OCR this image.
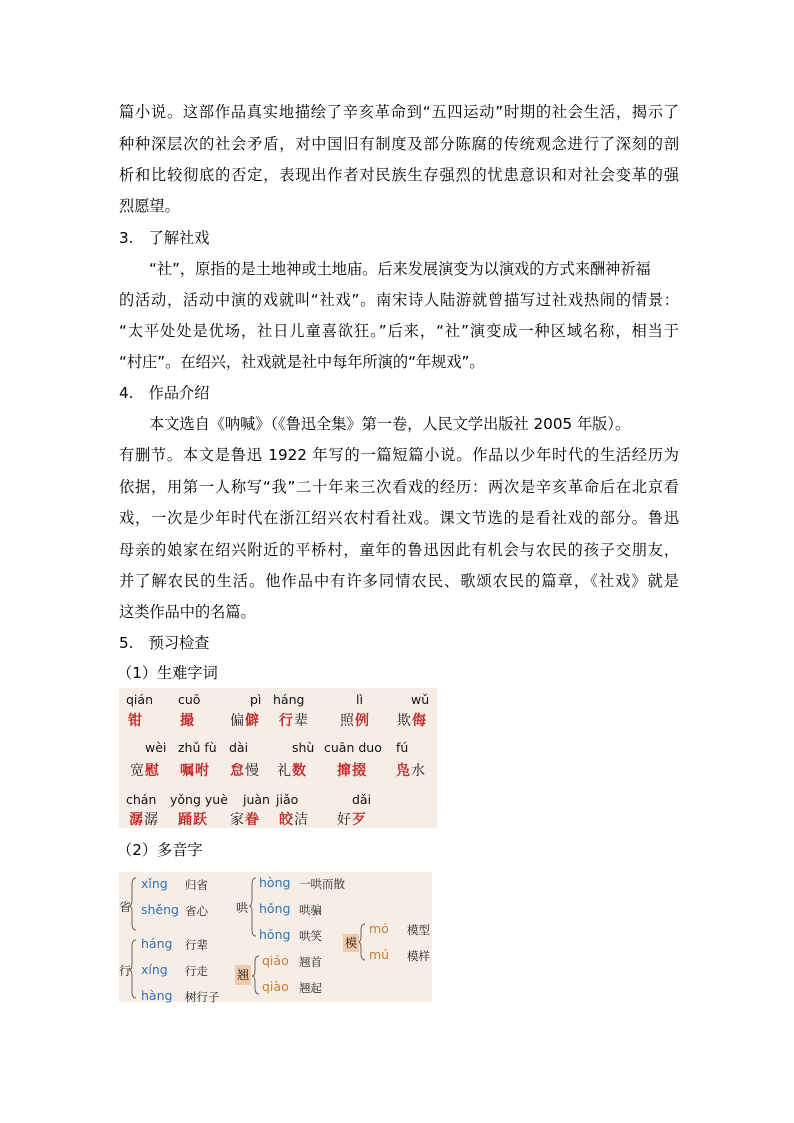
篇小说。这部作品真实地描绘了辛亥革命到“五四运动”时期的社会生活，揭示了
种种深层次的社会矛盾，对中国旧有制度及部分陈腐的传统观念进行了深刻的剖
析和比较彻底的否定，表现出作者对民族生存强烈的忧患意识和对社会变革的强
烈愿望。
3.　了解社戏
“社”，原指的是土地神或土地庙。后来发展演变为以演戏的方式来酬神祈福
的活动，活动中演的戏就叫“社戏”。南宋诗人陆游就曾描写过社戏热闹的情景：
“太平处处是优场，社日儿童喜欲狂。”后来，“社”演变成一种区域名称，相当于
“村庄”。在绍兴，社戏就是社中每年所演的“年规戏”。
4.　作品介绍
本文选自《呐喊》（《鲁迅全集》第一卷，人民文学出版社 2005 年版）。
有删节。本文是鲁迅 1922 年写的一篇短篇小说。作品以少年时代的生活经历为
依据，用第一人称写“我”二十年来三次看戏的经历：两次是辛亥革命后在北京看
戏，一次是少年时代在浙江绍兴农村看社戏。课文节选的是看社戏的部分。鲁迅
母亲的娘家在绍兴附近的平桥村，童年的鲁迅因此有机会与农民的孩子交朋友，
并了解农民的生活。他作品中有许多同情农民、歌颂农民的篇章，《社戏》就是
这类作品中的名篇。
5.　预习检查
（1）生难字词
qián
钳
cuō
撮
pì
偏僻
háng
行辈
lì
照例
wǔ
欺侮
wèi
宽慰
zhǔ fù
嘱咐
dài
怠慢
shù
礼数
cuān duo
撺掇
fú
凫水
chán
潺潺
yǒng yuè
踊跃
juàn
家眷
jiǎo
皎洁
dǎi
好歹
（2）多音字
省
xǐng 归省
shěng 省心 哄
hòng 一哄而散
hǒng 哄骗
hōng 哄笑 模
mó 模型
mú 模样
行
háng 行辈
xíng 行走
hàng 树行子
翘
qiáo 翘首
qiào 翘起
